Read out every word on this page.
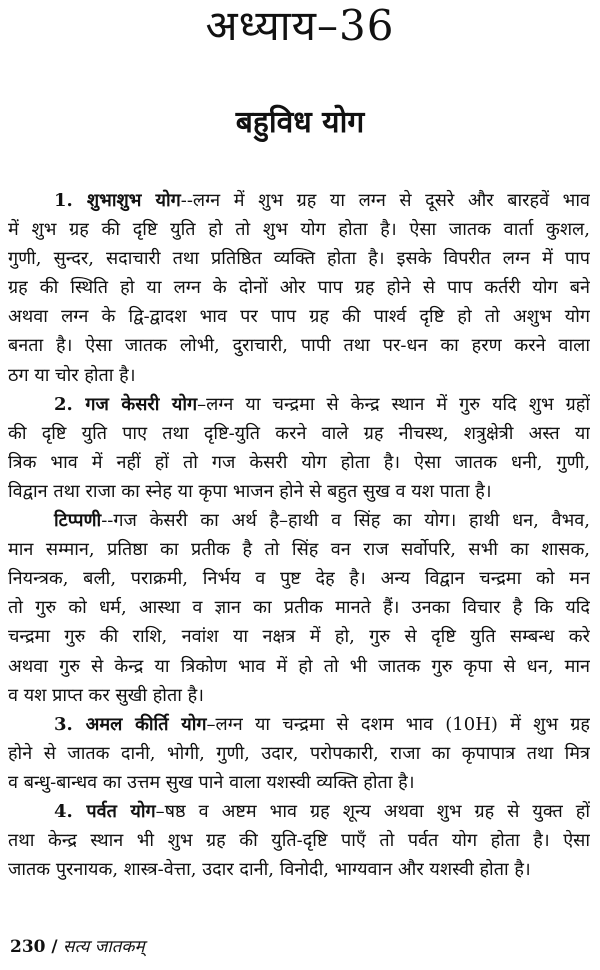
अध्याय–36
बहुविध योग
1. शुभाशुभ योग--लग्न में शुभ ग्रह या लग्न से दूसरे और बारहवें भाव
में शुभ ग्रह की दृष्टि युति हो तो शुभ योग होता है। ऐसा जातक वार्ता कुशल,
गुणी, सुन्दर, सदाचारी तथा प्रतिष्ठित व्यक्ति होता है। इसके विपरीत लग्न में पाप
ग्रह की स्थिति हो या लग्न के दोनों ओर पाप ग्रह होने से पाप कर्तरी योग बने
अथवा लग्न के द्वि-द्वादश भाव पर पाप ग्रह की पार्श्व दृष्टि हो तो अशुभ योग
बनता है। ऐसा जातक लोभी, दुराचारी, पापी तथा पर-धन का हरण करने वाला
ठग या चोर होता है।
2. गज केसरी योग–लग्न या चन्द्रमा से केन्द्र स्थान में गुरु यदि शुभ ग्रहों
की दृष्टि युति पाए तथा दृष्टि-युति करने वाले ग्रह नीचस्थ, शत्रुक्षेत्री अस्त या
त्रिक भाव में नहीं हों तो गज केसरी योग होता है। ऐसा जातक धनी, गुणी,
विद्वान तथा राजा का स्नेह या कृपा भाजन होने से बहुत सुख व यश पाता है।
टिप्पणी--गज केसरी का अर्थ है–हाथी व सिंह का योग। हाथी धन, वैभव,
मान सम्मान, प्रतिष्ठा का प्रतीक है तो सिंह वन राज सर्वोपरि, सभी का शासक,
नियन्त्रक, बली, पराक्रमी, निर्भय व पुष्ट देह है। अन्य विद्वान चन्द्रमा को मन
तो गुरु को धर्म, आस्था व ज्ञान का प्रतीक मानते हैं। उनका विचार है कि यदि
चन्द्रमा गुरु की राशि, नवांश या नक्षत्र में हो, गुरु से दृष्टि युति सम्बन्ध करे
अथवा गुरु से केन्द्र या त्रिकोण भाव में हो तो भी जातक गुरु कृपा से धन, मान
व यश प्राप्त कर सुखी होता है।
3. अमल कीर्ति योग–लग्न या चन्द्रमा से दशम भाव (10H) में शुभ ग्रह
होने से जातक दानी, भोगी, गुणी, उदार, परोपकारी, राजा का कृपापात्र तथा मित्र
व बन्धु-बान्धव का उत्तम सुख पाने वाला यशस्वी व्यक्ति होता है।
4. पर्वत योग–षष्ठ व अष्टम भाव ग्रह शून्य अथवा शुभ ग्रह से युक्त हों
तथा केन्द्र स्थान भी शुभ ग्रह की युति-दृष्टि पाएँ तो पर्वत योग होता है। ऐसा
जातक पुरनायक, शास्त्र-वेत्ता, उदार दानी, विनोदी, भाग्यवान और यशस्वी होता है।
230 / सत्य जातकम्
